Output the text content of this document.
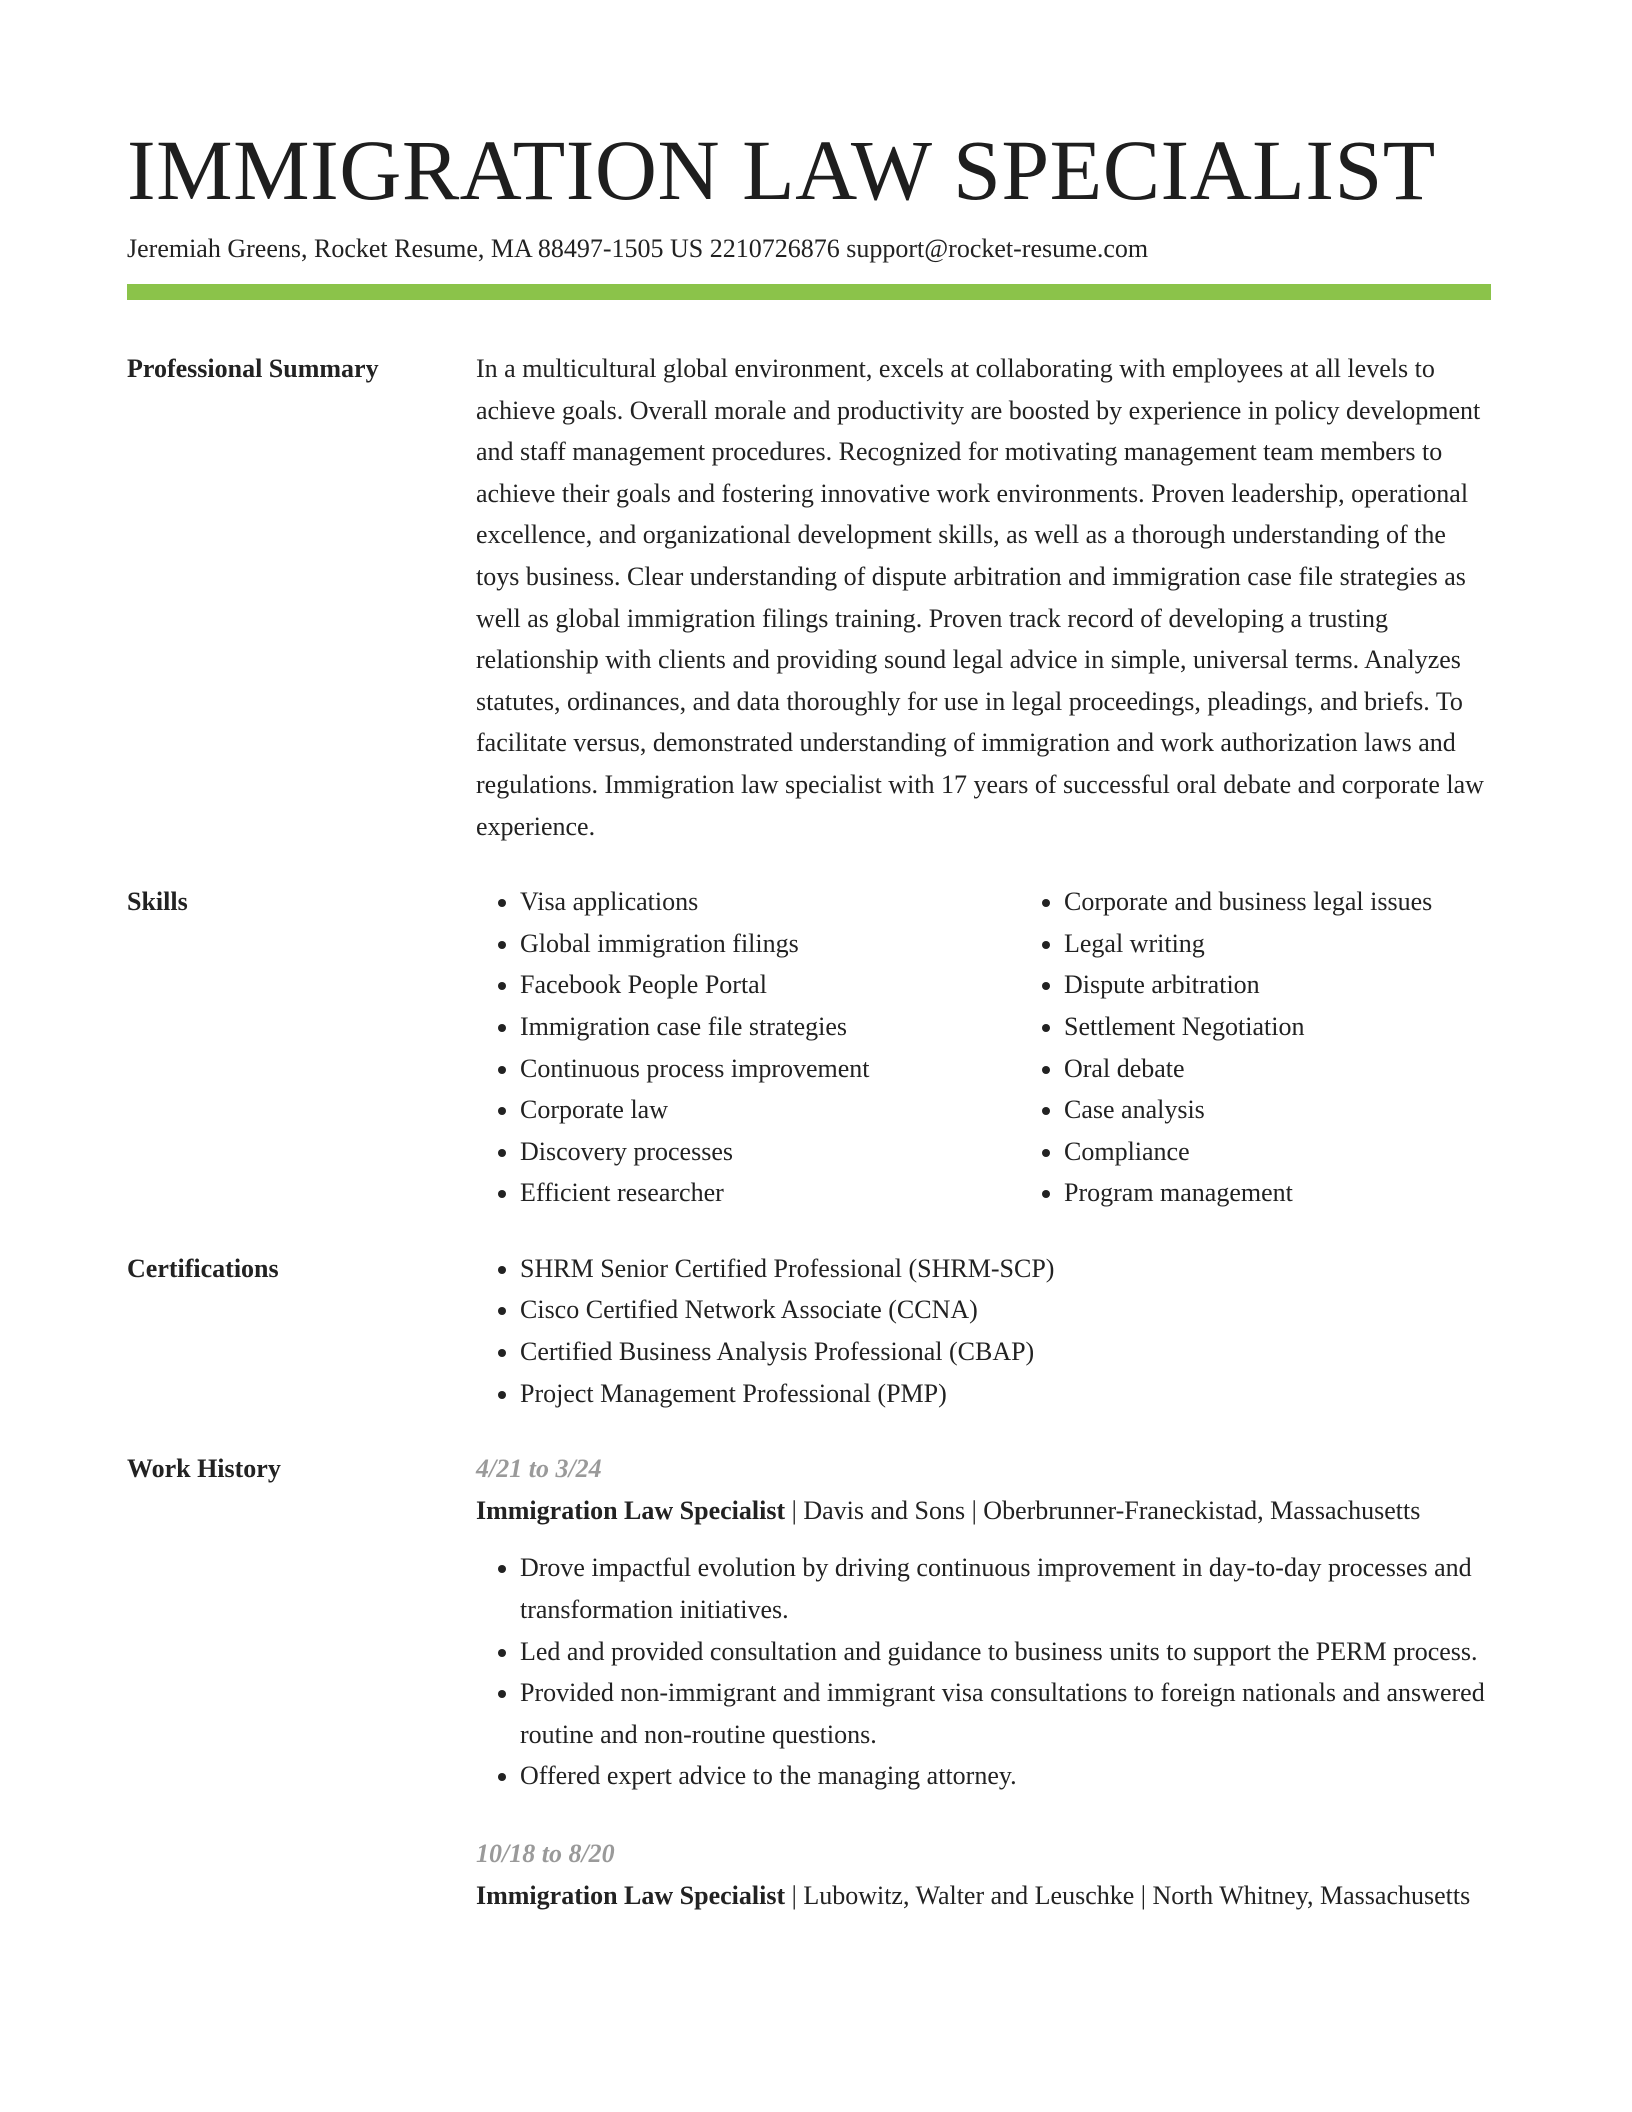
IMMIGRATION LAW SPECIALIST
Jeremiah Greens, Rocket Resume, MA 88497-1505 US 2210726876 support@rocket-resume.com
Professional Summary	In a multicultural global environment, excels at collaborating with employees at all levels to achieve goals. Overall morale and productivity are boosted by experience in policy development and staff management procedures. Recognized for motivating management team members to achieve their goals and fostering innovative work environments. Proven leadership, operational excellence, and organizational development skills, as well as a thorough understanding of the toys business. Clear understanding of dispute arbitration and immigration case file strategies as well as global immigration filings training. Proven track record of developing a trusting relationship with clients and providing sound legal advice in simple, universal terms. Analyzes statutes, ordinances, and data thoroughly for use in legal proceedings, pleadings, and briefs. To facilitate versus, demonstrated understanding of immigration and work authorization laws and regulations. Immigration law specialist with 17 years of successful oral debate and corporate law experience.

Skills	• Visa applications
• Global immigration filings
• Facebook People Portal
• Immigration case file strategies
• Continuous process improvement
• Corporate law
• Discovery processes
• Efficient researcher
• Corporate and business legal issues
• Legal writing
• Dispute arbitration
• Settlement Negotiation
• Oral debate
• Case analysis
• Compliance
• Program management
Certifications	• SHRM Senior Certified Professional (SHRM-SCP)
• Cisco Certified Network Associate (CCNA)
• Certified Business Analysis Professional (CBAP)
• Project Management Professional (PMP)
Work History	4/21 to 3/24
Immigration Law Specialist | Davis and Sons | Oberbrunner-Franeckistad, Massachusetts
• Drove impactful evolution by driving continuous improvement in day-to-day processes and transformation initiatives.
• Led and provided consultation and guidance to business units to support the PERM process.
• Provided non-immigrant and immigrant visa consultations to foreign nationals and answered routine and non-routine questions.
• Offered expert advice to the managing attorney.
10/18 to 8/20
Immigration Law Specialist | Lubowitz, Walter and Leuschke | North Whitney, Massachusetts
